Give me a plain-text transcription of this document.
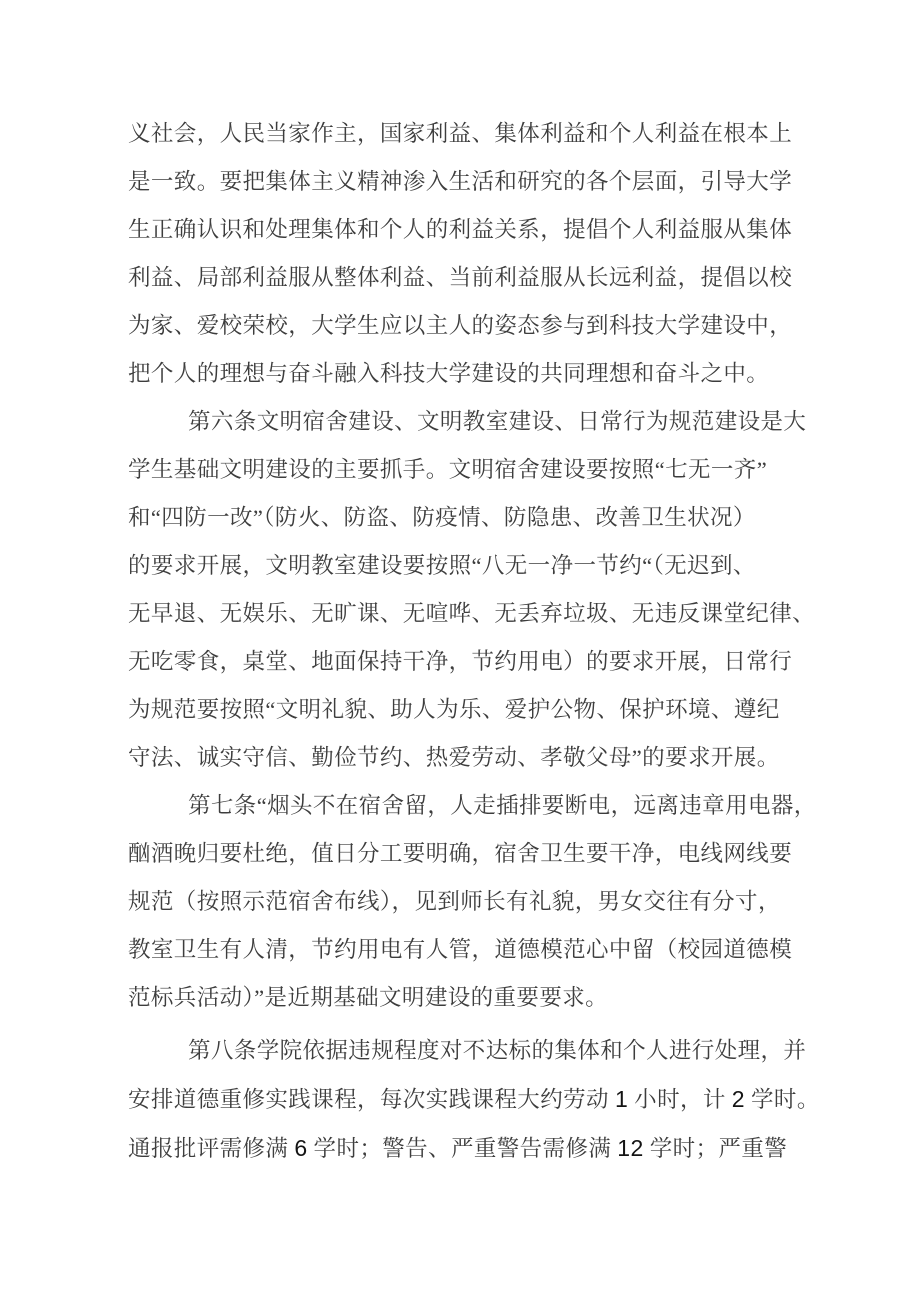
义社会，人民当家作主，国家利益、集体利益和个人利益在根本上
是一致。要把集体主义精神渗入生活和研究的各个层面，引导大学
生正确认识和处理集体和个人的利益关系，提倡个人利益服从集体
利益、局部利益服从整体利益、当前利益服从长远利益，提倡以校
为家、爱校荣校，大学生应以主人的姿态参与到科技大学建设中，
把个人的理想与奋斗融入科技大学建设的共同理想和奋斗之中。
第六条文明宿舍建设、文明教室建设、日常行为规范建设是大
学生基础文明建设的主要抓手。文明宿舍建设要按照“七无一齐”
和“四防一改”（防火、防盗、防疫情、防隐患、改善卫生状况）
的要求开展，文明教室建设要按照“八无一净一节约“（无迟到、
无早退、无娱乐、无旷课、无喧哗、无丢弃垃圾、无违反课堂纪律、
无吃零食，桌堂、地面保持干净，节约用电）的要求开展，日常行
为规范要按照“文明礼貌、助人为乐、爱护公物、保护环境、遵纪
守法、诚实守信、勤俭节约、热爱劳动、孝敬父母”的要求开展。
第七条“烟头不在宿舍留，人走插排要断电，远离违章用电器，
酗酒晚归要杜绝，值日分工要明确，宿舍卫生要干净，电线网线要
规范（按照示范宿舍布线），见到师长有礼貌，男女交往有分寸，
教室卫生有人清，节约用电有人管，道德模范心中留（校园道德模
范标兵活动）”是近期基础文明建设的重要要求。
第八条学院依据违规程度对不达标的集体和个人进行处理，并
安排道德重修实践课程，每次实践课程大约劳动 1 小时，计 2 学时。
通报批评需修满 6 学时；警告、严重警告需修满 12 学时；严重警
